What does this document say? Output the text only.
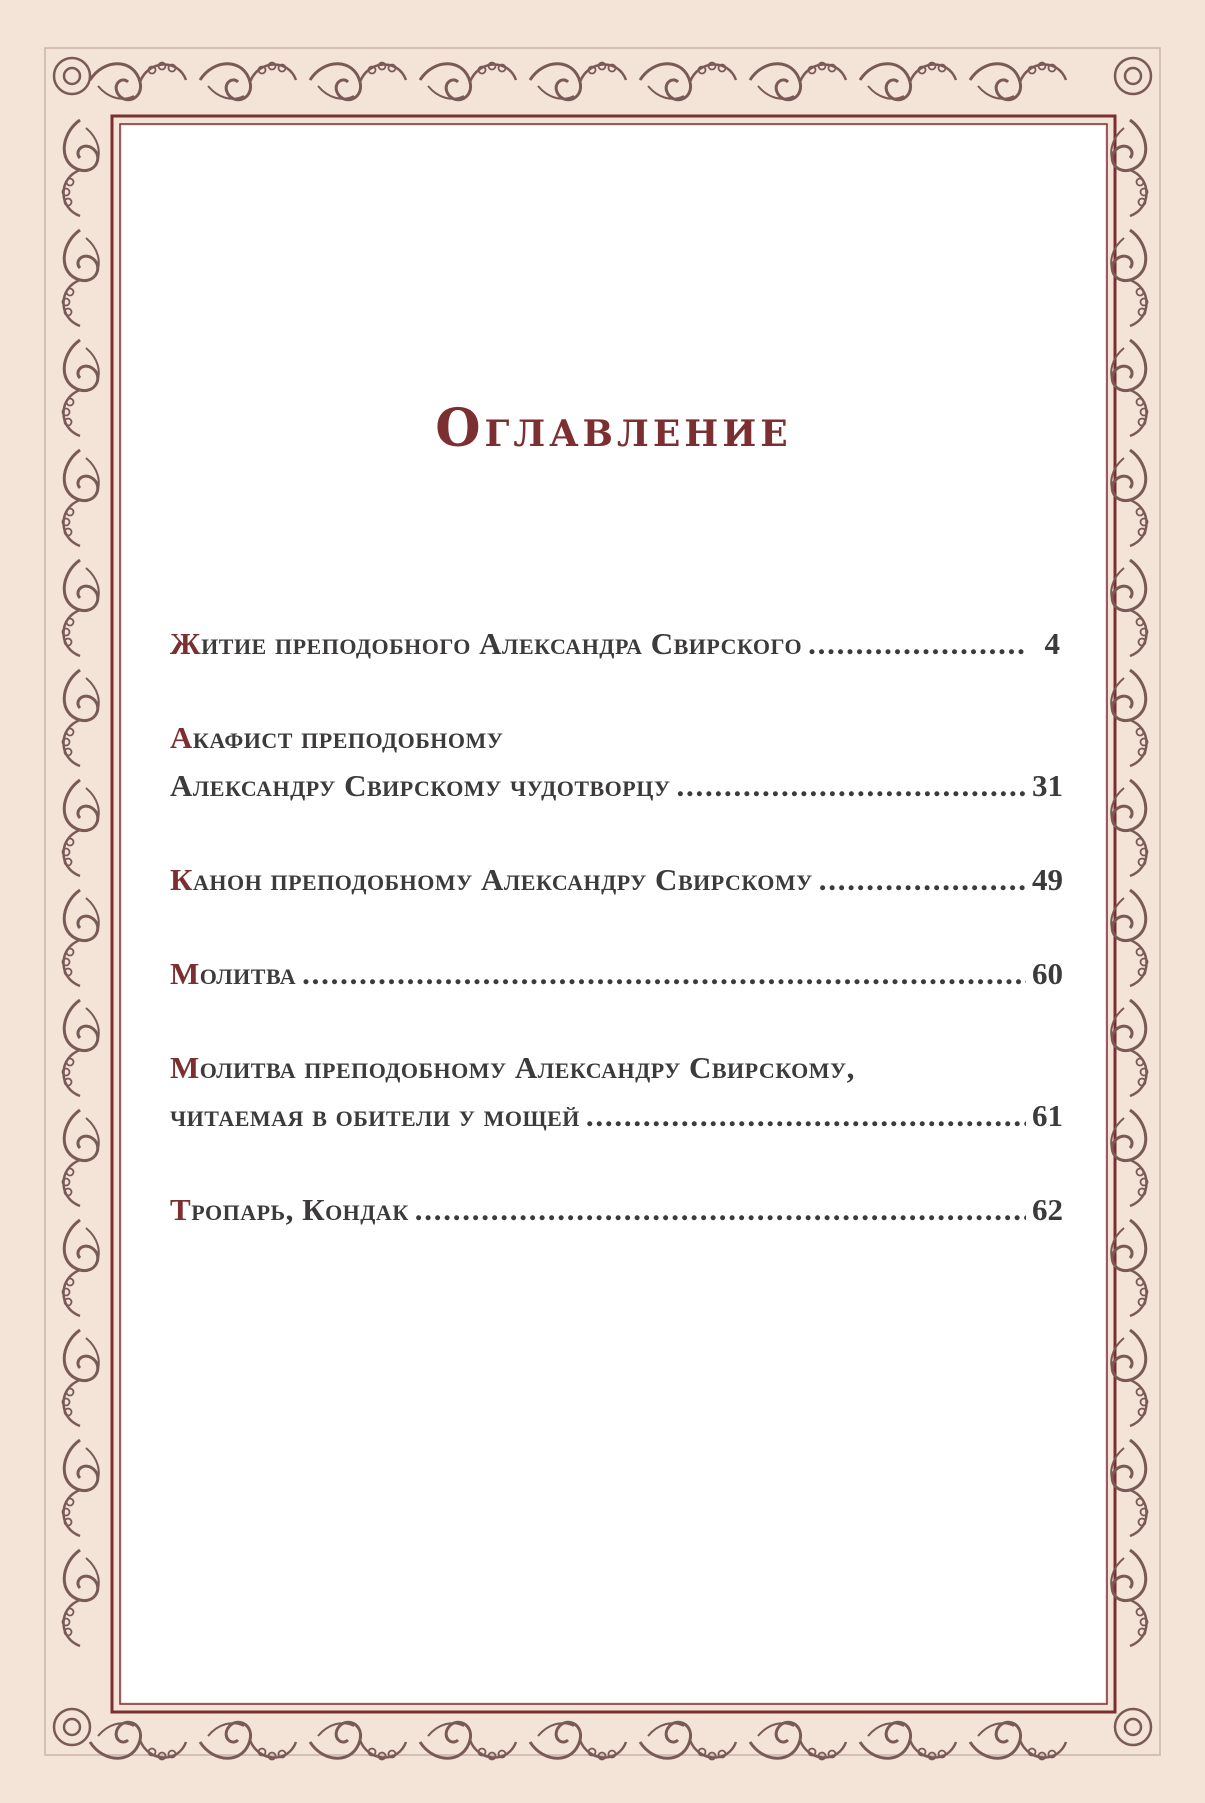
Оглавление
Житие преподобного Александра Свирского . . .	4
Акафист преподобному
Александру Свирскому чудотворцу . . .	31
Канон преподобному Александру Свирскому . . .	49
Молитва . . .	60
Молитва преподобному Александру Свирскому,
читаемая в обители у мощей . . .	61
Тропарь, Кондак . . .	62
